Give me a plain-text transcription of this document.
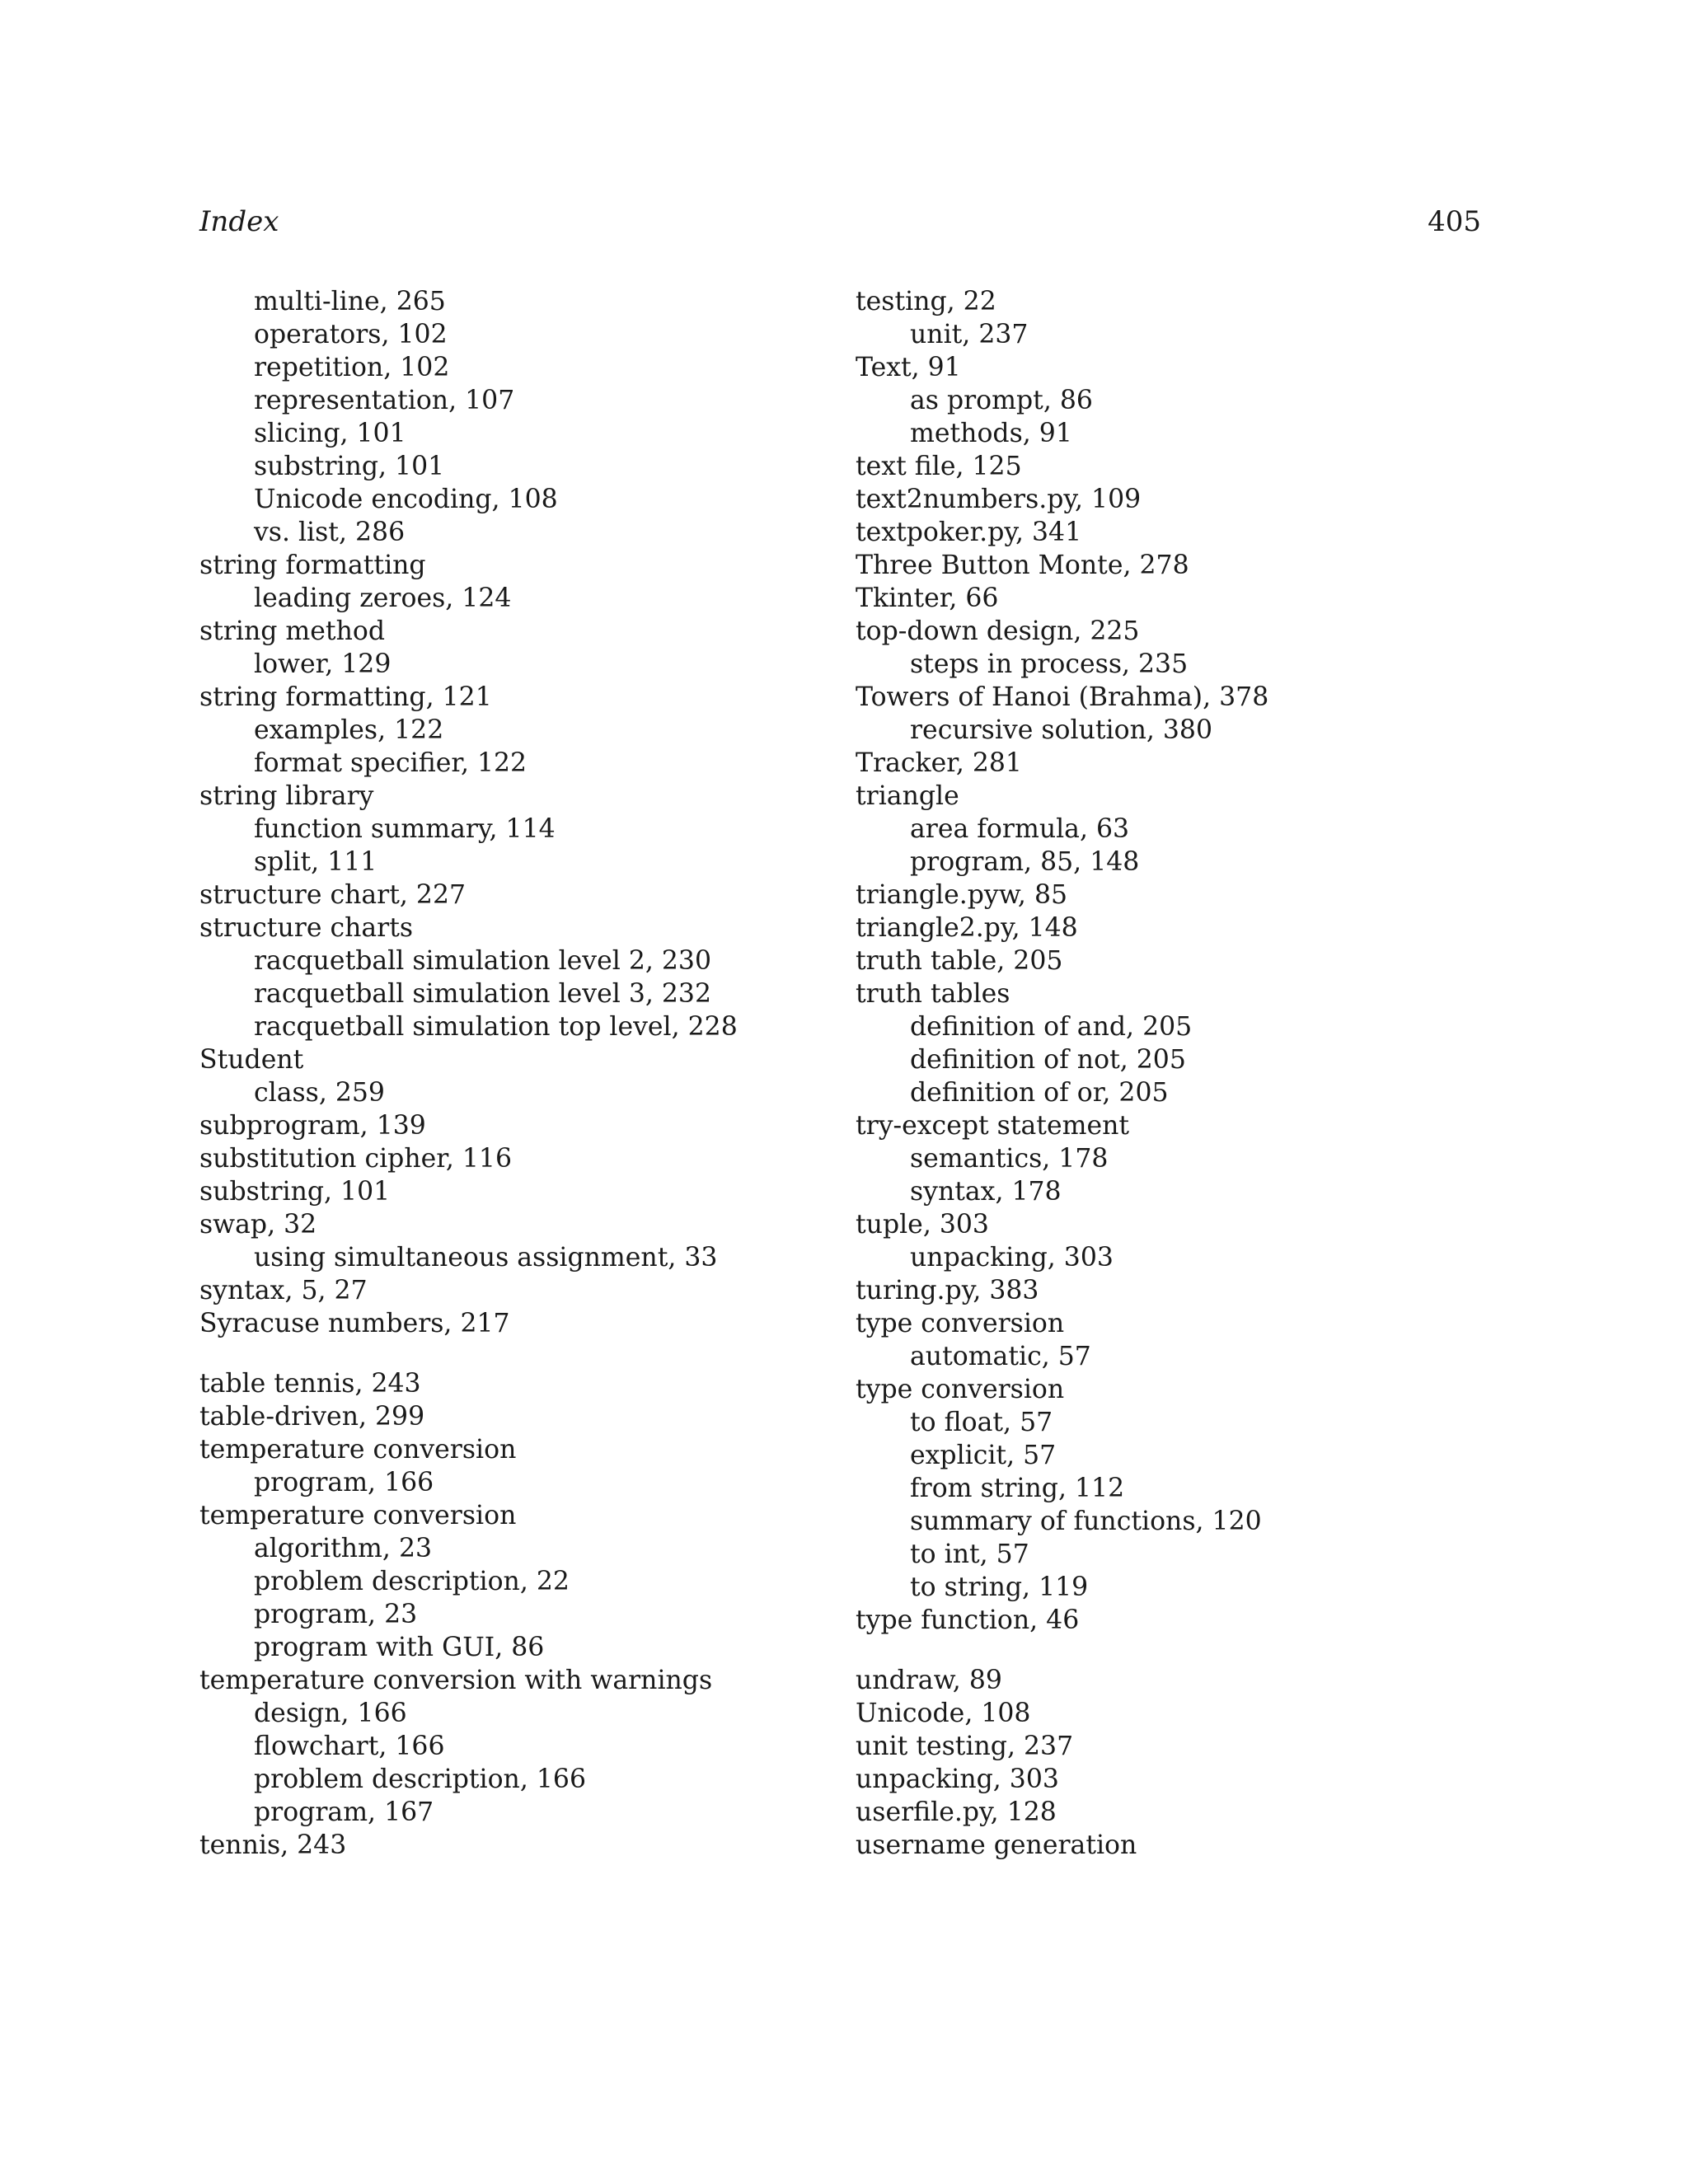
Index	405
multi-line, 265
operators, 102
repetition, 102
representation, 107
slicing, 101
substring, 101
Unicode encoding, 108
vs. list, 286
string formatting
leading zeroes, 124
string method
lower, 129
string formatting, 121
examples, 122
format specifier, 122
string library
function summary, 114
split, 111
structure chart, 227
structure charts
racquetball simulation level 2, 230
racquetball simulation level 3, 232
racquetball simulation top level, 228
Student
class, 259
subprogram, 139
substitution cipher, 116
substring, 101
swap, 32
using simultaneous assignment, 33
syntax, 5, 27
Syracuse numbers, 217
table tennis, 243
table-driven, 299
temperature conversion
program, 166
temperature conversion
algorithm, 23
problem description, 22
program, 23
program with GUI, 86
temperature conversion with warnings
design, 166
flowchart, 166
problem description, 166
program, 167
tennis, 243
testing, 22
unit, 237
Text, 91
as prompt, 86
methods, 91
text file, 125
text2numbers.py, 109
textpoker.py, 341
Three Button Monte, 278
Tkinter, 66
top-down design, 225
steps in process, 235
Towers of Hanoi (Brahma), 378
recursive solution, 380
Tracker, 281
triangle
area formula, 63
program, 85, 148
triangle.pyw, 85
triangle2.py, 148
truth table, 205
truth tables
definition of and, 205
definition of not, 205
definition of or, 205
try-except statement
semantics, 178
syntax, 178
tuple, 303
unpacking, 303
turing.py, 383
type conversion
automatic, 57
type conversion
to float, 57
explicit, 57
from string, 112
summary of functions, 120
to int, 57
to string, 119
type function, 46
undraw, 89
Unicode, 108
unit testing, 237
unpacking, 303
userfile.py, 128
username generation
